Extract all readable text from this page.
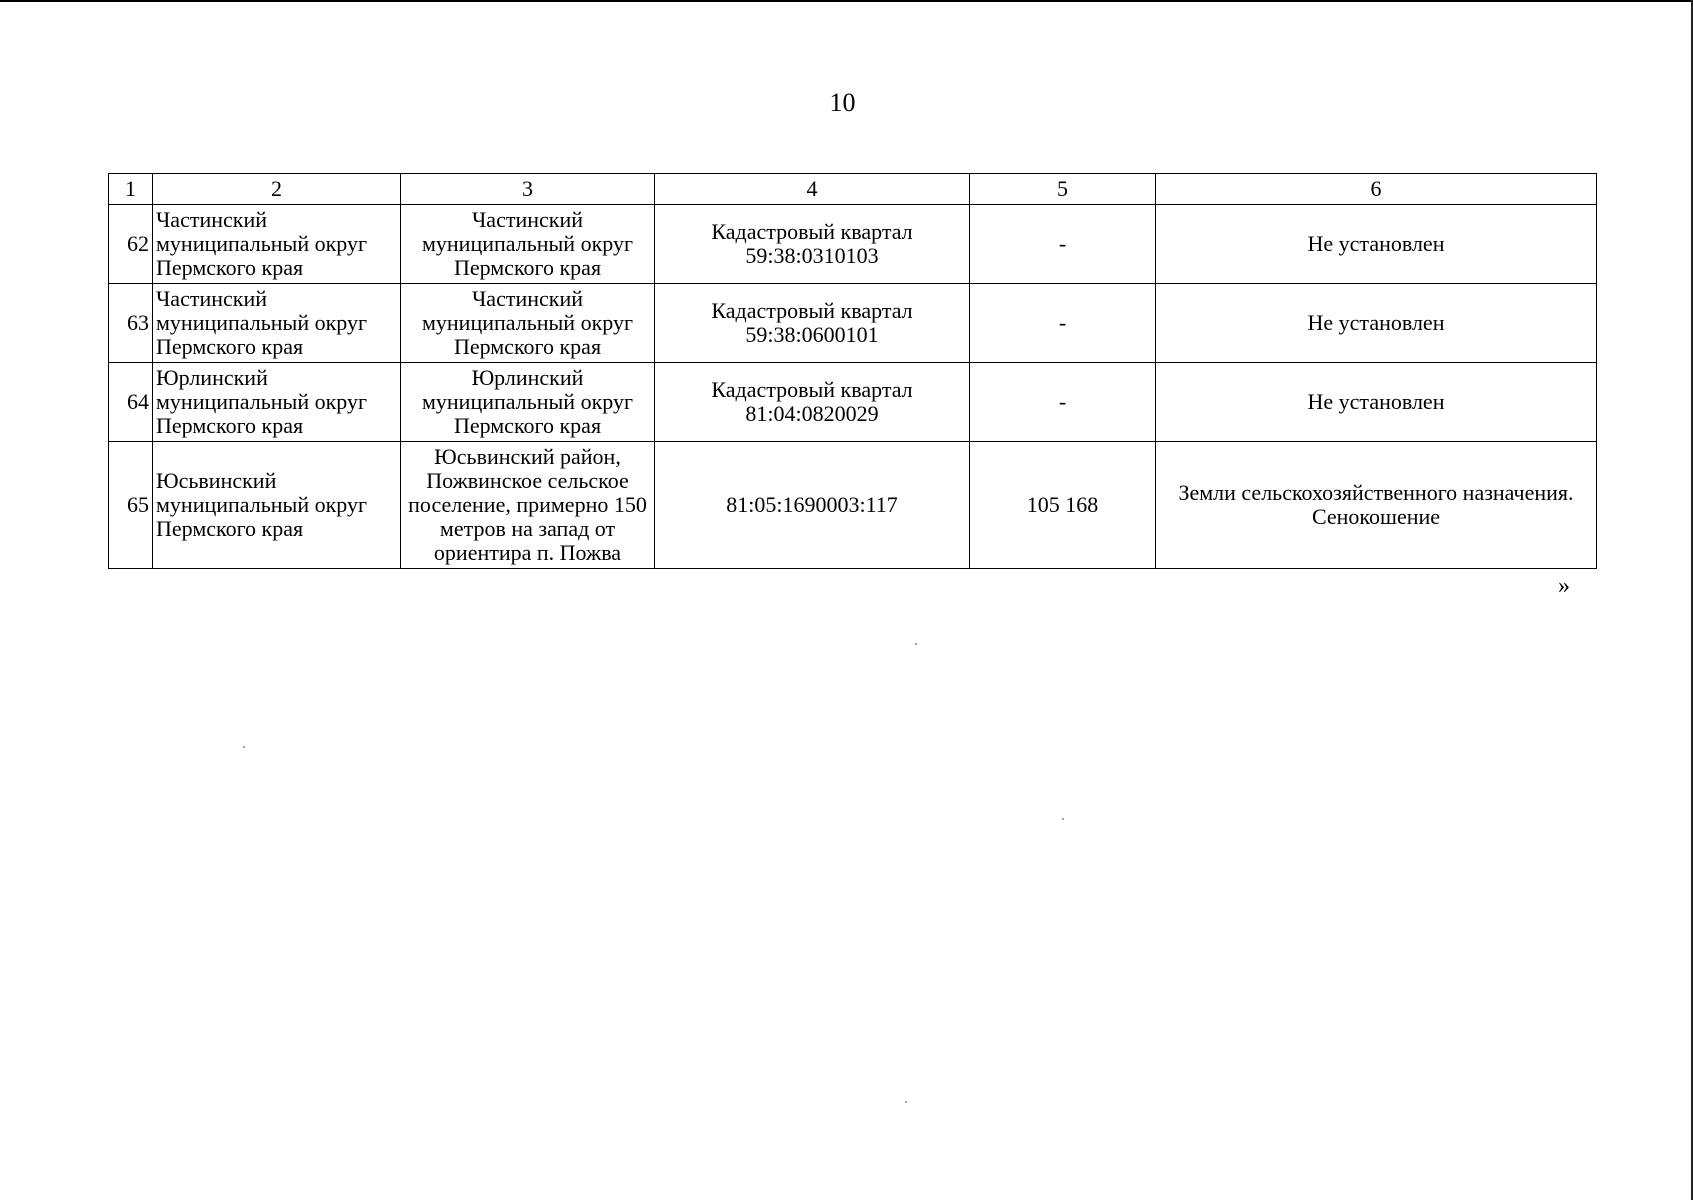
10
1	2	3	4	5	6
62	Частинский муниципальный округ Пермского края	Частинский муниципальный округ Пермского края	Кадастровый квартал 59:38:0310103	-	Не установлен
63	Частинский муниципальный округ Пермского края	Частинский муниципальный округ Пермского края	Кадастровый квартал 59:38:0600101	-	Не установлен
64	Юрлинский муниципальный округ Пермского края	Юрлинский муниципальный округ Пермского края	Кадастровый квартал 81:04:0820029	-	Не установлен
65	Юсьвинский муниципальный округ Пермского края	Юсьвинский район, Пожвинское сельское поселение, примерно 150 метров на запад от ориентира п. Пожва	81:05:1690003:117	105 168	Земли сельскохозяйственного назначения. Сенокошение
»
